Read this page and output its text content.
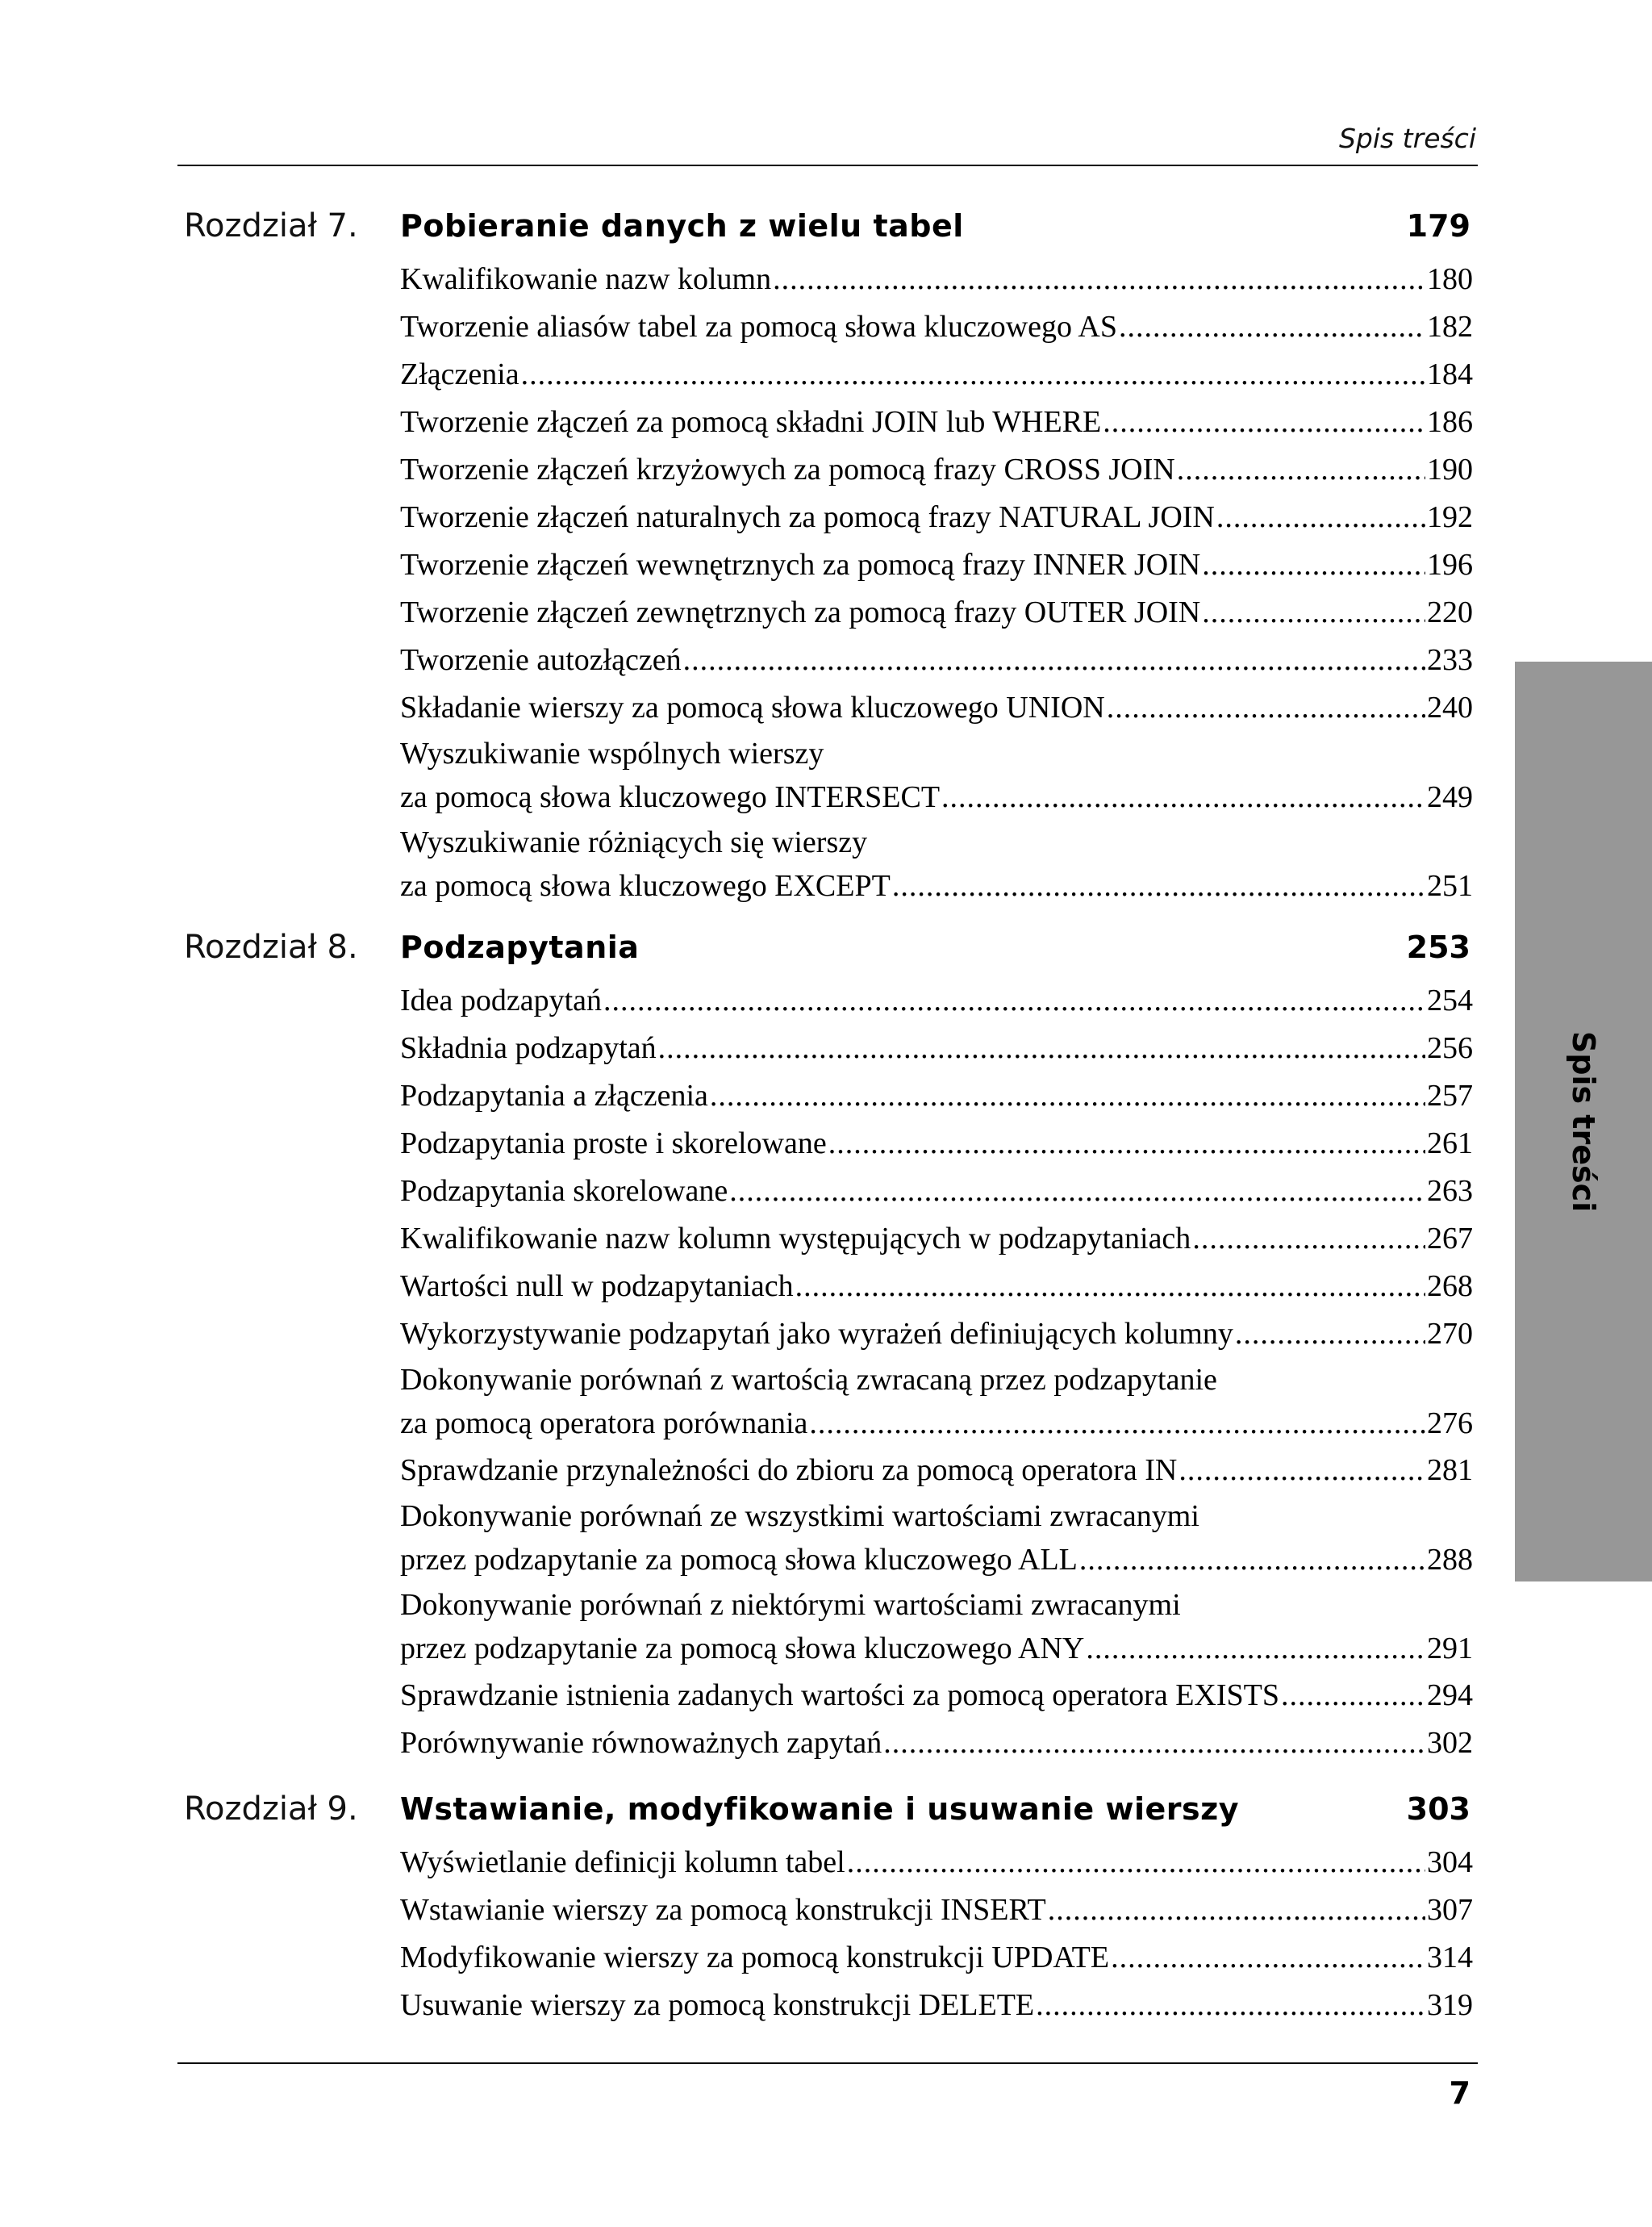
Spis treści
Rozdział 7. Pobieranie danych z wielu tabel	179
Kwalifikowanie nazw kolumn .....	180
Tworzenie aliasów tabel za pomocą słowa kluczowego AS .....	182
Złączenia .....	184
Tworzenie złączeń za pomocą składni JOIN lub WHERE .....	186
Tworzenie złączeń krzyżowych za pomocą frazy CROSS JOIN .....	190
Tworzenie złączeń naturalnych za pomocą frazy NATURAL JOIN .....	192
Tworzenie złączeń wewnętrznych za pomocą frazy INNER JOIN .....	196
Tworzenie złączeń zewnętrznych za pomocą frazy OUTER JOIN .....	220
Tworzenie autozłączeń .....	233
Składanie wierszy za pomocą słowa kluczowego UNION .....	240
Wyszukiwanie wspólnych wierszy
za pomocą słowa kluczowego INTERSECT .....	249
Wyszukiwanie różniących się wierszy
za pomocą słowa kluczowego EXCEPT .....	251
Rozdział 8. Podzapytania	253
Idea podzapytań .....	254
Składnia podzapytań .....	256
Podzapytania a złączenia .....	257
Podzapytania proste i skorelowane .....	261
Podzapytania skorelowane .....	263
Kwalifikowanie nazw kolumn występujących w podzapytaniach .....	267
Wartości null w podzapytaniach .....	268
Wykorzystywanie podzapytań jako wyrażeń definiujących kolumny .....	270
Dokonywanie porównań z wartością zwracaną przez podzapytanie
za pomocą operatora porównania .....	276
Sprawdzanie przynależności do zbioru za pomocą operatora IN .....	281
Dokonywanie porównań ze wszystkimi wartościami zwracanymi
przez podzapytanie za pomocą słowa kluczowego ALL .....	288
Dokonywanie porównań z niektórymi wartościami zwracanymi
przez podzapytanie za pomocą słowa kluczowego ANY .....	291
Sprawdzanie istnienia zadanych wartości za pomocą operatora EXISTS .....	294
Porównywanie równoważnych zapytań .....	302
Rozdział 9. Wstawianie, modyfikowanie i usuwanie wierszy	303
Wyświetlanie definicji kolumn tabel .....	304
Wstawianie wierszy za pomocą konstrukcji INSERT .....	307
Modyfikowanie wierszy za pomocą konstrukcji UPDATE .....	314
Usuwanie wierszy za pomocą konstrukcji DELETE .....	319
Spis treści
7
